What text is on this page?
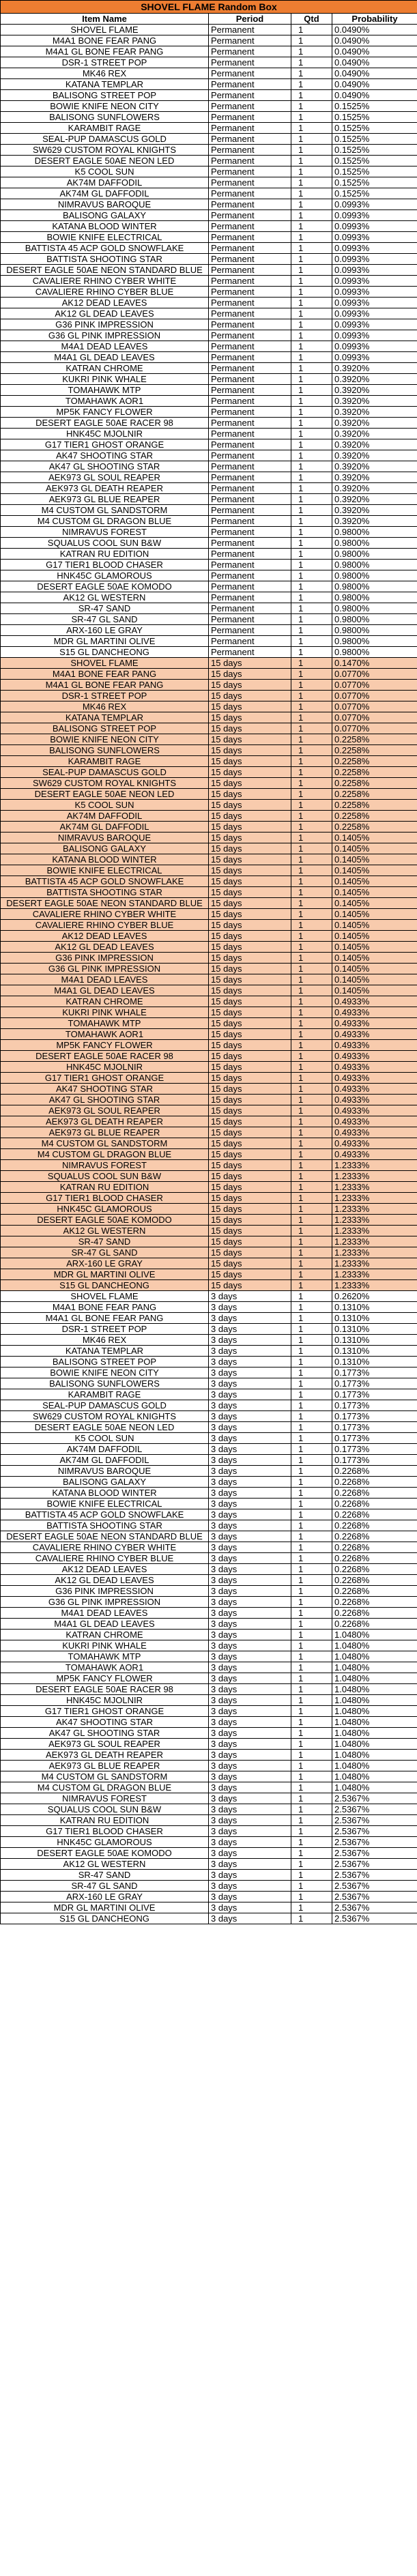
SHOVEL FLAME Random Box			
Item Name	Period	Qtd	Probability
SHOVEL FLAME	Permanent	1	0.0490%
M4A1 BONE FEAR PANG	Permanent	1	0.0490%
M4A1 GL BONE FEAR PANG	Permanent	1	0.0490%
DSR-1 STREET POP	Permanent	1	0.0490%
MK46 REX	Permanent	1	0.0490%
KATANA TEMPLAR	Permanent	1	0.0490%
BALISONG STREET POP	Permanent	1	0.0490%
BOWIE KNIFE NEON CITY	Permanent	1	0.1525%
BALISONG SUNFLOWERS	Permanent	1	0.1525%
KARAMBIT RAGE	Permanent	1	0.1525%
SEAL-PUP DAMASCUS GOLD	Permanent	1	0.1525%
SW629 CUSTOM ROYAL KNIGHTS	Permanent	1	0.1525%
DESERT EAGLE 50AE NEON LED	Permanent	1	0.1525%
K5 COOL SUN	Permanent	1	0.1525%
AK74M DAFFODIL	Permanent	1	0.1525%
AK74M GL DAFFODIL	Permanent	1	0.1525%
NIMRAVUS BAROQUE	Permanent	1	0.0993%
BALISONG GALAXY	Permanent	1	0.0993%
KATANA BLOOD WINTER	Permanent	1	0.0993%
BOWIE KNIFE ELECTRICAL	Permanent	1	0.0993%
BATTISTA 45 ACP GOLD SNOWFLAKE	Permanent	1	0.0993%
BATTISTA SHOOTING STAR	Permanent	1	0.0993%
DESERT EAGLE 50AE NEON STANDARD BLUE	Permanent	1	0.0993%
CAVALIERE RHINO CYBER WHITE	Permanent	1	0.0993%
CAVALIERE RHINO CYBER BLUE	Permanent	1	0.0993%
AK12 DEAD LEAVES	Permanent	1	0.0993%
AK12 GL DEAD LEAVES	Permanent	1	0.0993%
G36 PINK IMPRESSION	Permanent	1	0.0993%
G36 GL PINK IMPRESSION	Permanent	1	0.0993%
M4A1 DEAD LEAVES	Permanent	1	0.0993%
M4A1 GL DEAD LEAVES	Permanent	1	0.0993%
KATRAN CHROME	Permanent	1	0.3920%
KUKRI PINK WHALE	Permanent	1	0.3920%
TOMAHAWK MTP	Permanent	1	0.3920%
TOMAHAWK AOR1	Permanent	1	0.3920%
MP5K FANCY FLOWER	Permanent	1	0.3920%
DESERT EAGLE 50AE RACER 98	Permanent	1	0.3920%
HNK45C MJOLNIR	Permanent	1	0.3920%
G17 TIER1 GHOST ORANGE	Permanent	1	0.3920%
AK47 SHOOTING STAR	Permanent	1	0.3920%
AK47 GL SHOOTING STAR	Permanent	1	0.3920%
AEK973 GL SOUL REAPER	Permanent	1	0.3920%
AEK973 GL DEATH REAPER	Permanent	1	0.3920%
AEK973 GL BLUE REAPER	Permanent	1	0.3920%
M4 CUSTOM GL SANDSTORM	Permanent	1	0.3920%
M4 CUSTOM GL DRAGON BLUE	Permanent	1	0.3920%
NIMRAVUS FOREST	Permanent	1	0.9800%
SQUALUS COOL SUN B&W	Permanent	1	0.9800%
KATRAN RU EDITION	Permanent	1	0.9800%
G17 TIER1 BLOOD CHASER	Permanent	1	0.9800%
HNK45C GLAMOROUS	Permanent	1	0.9800%
DESERT EAGLE 50AE KOMODO	Permanent	1	0.9800%
AK12 GL WESTERN	Permanent	1	0.9800%
SR-47 SAND	Permanent	1	0.9800%
SR-47 GL SAND	Permanent	1	0.9800%
ARX-160 LE GRAY	Permanent	1	0.9800%
MDR GL MARTINI OLIVE	Permanent	1	0.9800%
S15 GL DANCHEONG	Permanent	1	0.9800%
SHOVEL FLAME	15 days	1	0.1470%
M4A1 BONE FEAR PANG	15 days	1	0.0770%
M4A1 GL BONE FEAR PANG	15 days	1	0.0770%
DSR-1 STREET POP	15 days	1	0.0770%
MK46 REX	15 days	1	0.0770%
KATANA TEMPLAR	15 days	1	0.0770%
BALISONG STREET POP	15 days	1	0.0770%
BOWIE KNIFE NEON CITY	15 days	1	0.2258%
BALISONG SUNFLOWERS	15 days	1	0.2258%
KARAMBIT RAGE	15 days	1	0.2258%
SEAL-PUP DAMASCUS GOLD	15 days	1	0.2258%
SW629 CUSTOM ROYAL KNIGHTS	15 days	1	0.2258%
DESERT EAGLE 50AE NEON LED	15 days	1	0.2258%
K5 COOL SUN	15 days	1	0.2258%
AK74M DAFFODIL	15 days	1	0.2258%
AK74M GL DAFFODIL	15 days	1	0.2258%
NIMRAVUS BAROQUE	15 days	1	0.1405%
BALISONG GALAXY	15 days	1	0.1405%
KATANA BLOOD WINTER	15 days	1	0.1405%
BOWIE KNIFE ELECTRICAL	15 days	1	0.1405%
BATTISTA 45 ACP GOLD SNOWFLAKE	15 days	1	0.1405%
BATTISTA SHOOTING STAR	15 days	1	0.1405%
DESERT EAGLE 50AE NEON STANDARD BLUE	15 days	1	0.1405%
CAVALIERE RHINO CYBER WHITE	15 days	1	0.1405%
CAVALIERE RHINO CYBER BLUE	15 days	1	0.1405%
AK12 DEAD LEAVES	15 days	1	0.1405%
AK12 GL DEAD LEAVES	15 days	1	0.1405%
G36 PINK IMPRESSION	15 days	1	0.1405%
G36 GL PINK IMPRESSION	15 days	1	0.1405%
M4A1 DEAD LEAVES	15 days	1	0.1405%
M4A1 GL DEAD LEAVES	15 days	1	0.1405%
KATRAN CHROME	15 days	1	0.4933%
KUKRI PINK WHALE	15 days	1	0.4933%
TOMAHAWK MTP	15 days	1	0.4933%
TOMAHAWK AOR1	15 days	1	0.4933%
MP5K FANCY FLOWER	15 days	1	0.4933%
DESERT EAGLE 50AE RACER 98	15 days	1	0.4933%
HNK45C MJOLNIR	15 days	1	0.4933%
G17 TIER1 GHOST ORANGE	15 days	1	0.4933%
AK47 SHOOTING STAR	15 days	1	0.4933%
AK47 GL SHOOTING STAR	15 days	1	0.4933%
AEK973 GL SOUL REAPER	15 days	1	0.4933%
AEK973 GL DEATH REAPER	15 days	1	0.4933%
AEK973 GL BLUE REAPER	15 days	1	0.4933%
M4 CUSTOM GL SANDSTORM	15 days	1	0.4933%
M4 CUSTOM GL DRAGON BLUE	15 days	1	0.4933%
NIMRAVUS FOREST	15 days	1	1.2333%
SQUALUS COOL SUN B&W	15 days	1	1.2333%
KATRAN RU EDITION	15 days	1	1.2333%
G17 TIER1 BLOOD CHASER	15 days	1	1.2333%
HNK45C GLAMOROUS	15 days	1	1.2333%
DESERT EAGLE 50AE KOMODO	15 days	1	1.2333%
AK12 GL WESTERN	15 days	1	1.2333%
SR-47 SAND	15 days	1	1.2333%
SR-47 GL SAND	15 days	1	1.2333%
ARX-160 LE GRAY	15 days	1	1.2333%
MDR GL MARTINI OLIVE	15 days	1	1.2333%
S15 GL DANCHEONG	15 days	1	1.2333%
SHOVEL FLAME	3 days	1	0.2620%
M4A1 BONE FEAR PANG	3 days	1	0.1310%
M4A1 GL BONE FEAR PANG	3 days	1	0.1310%
DSR-1 STREET POP	3 days	1	0.1310%
MK46 REX	3 days	1	0.1310%
KATANA TEMPLAR	3 days	1	0.1310%
BALISONG STREET POP	3 days	1	0.1310%
BOWIE KNIFE NEON CITY	3 days	1	0.1773%
BALISONG SUNFLOWERS	3 days	1	0.1773%
KARAMBIT RAGE	3 days	1	0.1773%
SEAL-PUP DAMASCUS GOLD	3 days	1	0.1773%
SW629 CUSTOM ROYAL KNIGHTS	3 days	1	0.1773%
DESERT EAGLE 50AE NEON LED	3 days	1	0.1773%
K5 COOL SUN	3 days	1	0.1773%
AK74M DAFFODIL	3 days	1	0.1773%
AK74M GL DAFFODIL	3 days	1	0.1773%
NIMRAVUS BAROQUE	3 days	1	0.2268%
BALISONG GALAXY	3 days	1	0.2268%
KATANA BLOOD WINTER	3 days	1	0.2268%
BOWIE KNIFE ELECTRICAL	3 days	1	0.2268%
BATTISTA 45 ACP GOLD SNOWFLAKE	3 days	1	0.2268%
BATTISTA SHOOTING STAR	3 days	1	0.2268%
DESERT EAGLE 50AE NEON STANDARD BLUE	3 days	1	0.2268%
CAVALIERE RHINO CYBER WHITE	3 days	1	0.2268%
CAVALIERE RHINO CYBER BLUE	3 days	1	0.2268%
AK12 DEAD LEAVES	3 days	1	0.2268%
AK12 GL DEAD LEAVES	3 days	1	0.2268%
G36 PINK IMPRESSION	3 days	1	0.2268%
G36 GL PINK IMPRESSION	3 days	1	0.2268%
M4A1 DEAD LEAVES	3 days	1	0.2268%
M4A1 GL DEAD LEAVES	3 days	1	0.2268%
KATRAN CHROME	3 days	1	1.0480%
KUKRI PINK WHALE	3 days	1	1.0480%
TOMAHAWK MTP	3 days	1	1.0480%
TOMAHAWK AOR1	3 days	1	1.0480%
MP5K FANCY FLOWER	3 days	1	1.0480%
DESERT EAGLE 50AE RACER 98	3 days	1	1.0480%
HNK45C MJOLNIR	3 days	1	1.0480%
G17 TIER1 GHOST ORANGE	3 days	1	1.0480%
AK47 SHOOTING STAR	3 days	1	1.0480%
AK47 GL SHOOTING STAR	3 days	1	1.0480%
AEK973 GL SOUL REAPER	3 days	1	1.0480%
AEK973 GL DEATH REAPER	3 days	1	1.0480%
AEK973 GL BLUE REAPER	3 days	1	1.0480%
M4 CUSTOM GL SANDSTORM	3 days	1	1.0480%
M4 CUSTOM GL DRAGON BLUE	3 days	1	1.0480%
NIMRAVUS FOREST	3 days	1	2.5367%
SQUALUS COOL SUN B&W	3 days	1	2.5367%
KATRAN RU EDITION	3 days	1	2.5367%
G17 TIER1 BLOOD CHASER	3 days	1	2.5367%
HNK45C GLAMOROUS	3 days	1	2.5367%
DESERT EAGLE 50AE KOMODO	3 days	1	2.5367%
AK12 GL WESTERN	3 days	1	2.5367%
SR-47 SAND	3 days	1	2.5367%
SR-47 GL SAND	3 days	1	2.5367%
ARX-160 LE GRAY	3 days	1	2.5367%
MDR GL MARTINI OLIVE	3 days	1	2.5367%
S15 GL DANCHEONG	3 days	1	2.5367%
